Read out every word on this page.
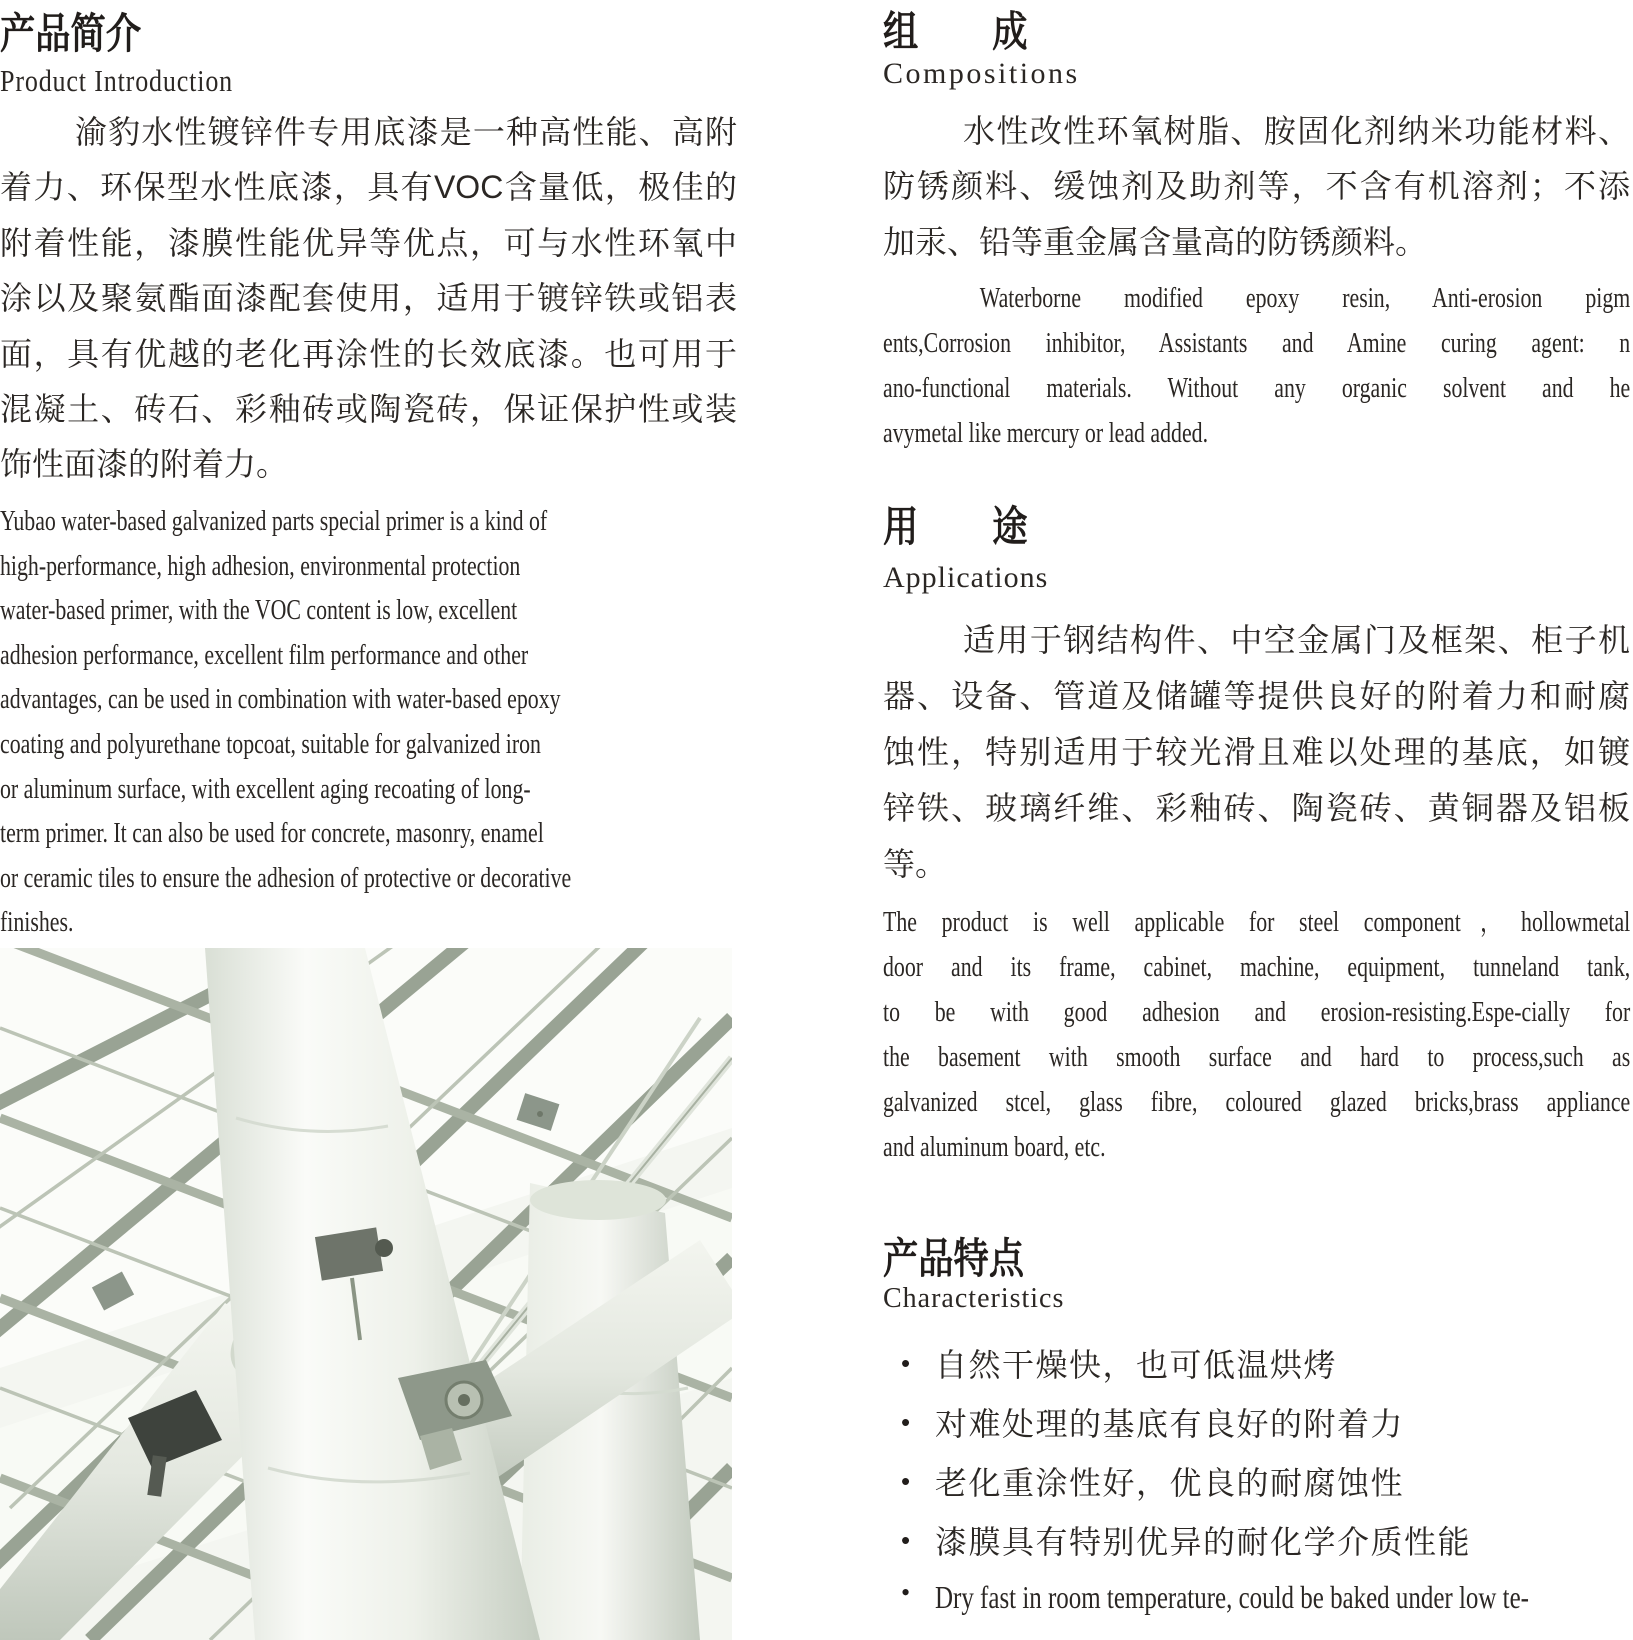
产品简介
Product Introduction
渝豹水性镀锌件专用底漆是一种高性能、高附
着力、环保型水性底漆，具有VOC含量低，极佳的
附着性能，漆膜性能优异等优点，可与水性环氧中
涂以及聚氨酯面漆配套使用，适用于镀锌铁或铝表
面，具有优越的老化再涂性的长效底漆。也可用于
混凝土、砖石、彩釉砖或陶瓷砖，保证保护性或装
饰性面漆的附着力。
Yubao water-based galvanized parts special primer is a kind of
high-performance, high adhesion, environmental protection
water-based primer, with the VOC content is low, excellent
adhesion performance, excellent film performance and other
advantages, can be used in combination with water-based epoxy
coating and polyurethane topcoat, suitable for galvanized iron
or aluminum surface, with excellent aging recoating of long-
term primer. It can also be used for concrete, masonry, enamel
or ceramic tiles to ensure the adhesion of protective or decorative
finishes.
组成
Compositions
水性改性环氧树脂、胺固化剂纳米功能材料、
防锈颜料、缓蚀剂及助剂等，不含有机溶剂；不添
加汞、铅等重金属含量高的防锈颜料。
Waterborne modified epoxy resin, Anti-erosion pigm
ents,Corrosion inhibitor, Assistants and Amine curing agent: n
ano-functional materials. Without any organic solvent and he
avymetal like mercury or lead added.
用途
Applications
适用于钢结构件、中空金属门及框架、柜子机
器、设备、管道及储罐等提供良好的附着力和耐腐
蚀性，特别适用于较光滑且难以处理的基底，如镀
锌铁、玻璃纤维、彩釉砖、陶瓷砖、黄铜器及铝板
等。
The product is well applicable for steel component，hollowmetal
door and its frame, cabinet, machine, equipment, tunneland tank,
to be with good adhesion and erosion-resisting.Espe-cially for
the basement with smooth surface and hard to process,such as
galvanized stcel, glass fibre, coloured glazed bricks,brass appliance
and aluminum board, etc.
产品特点
Characteristics
• 自然干燥快，也可低温烘烤
• 对难处理的基底有良好的附着力
• 老化重涂性好，优良的耐腐蚀性
• 漆膜具有特别优异的耐化学介质性能
• Dry fast in room temperature, could be baked under low te-
